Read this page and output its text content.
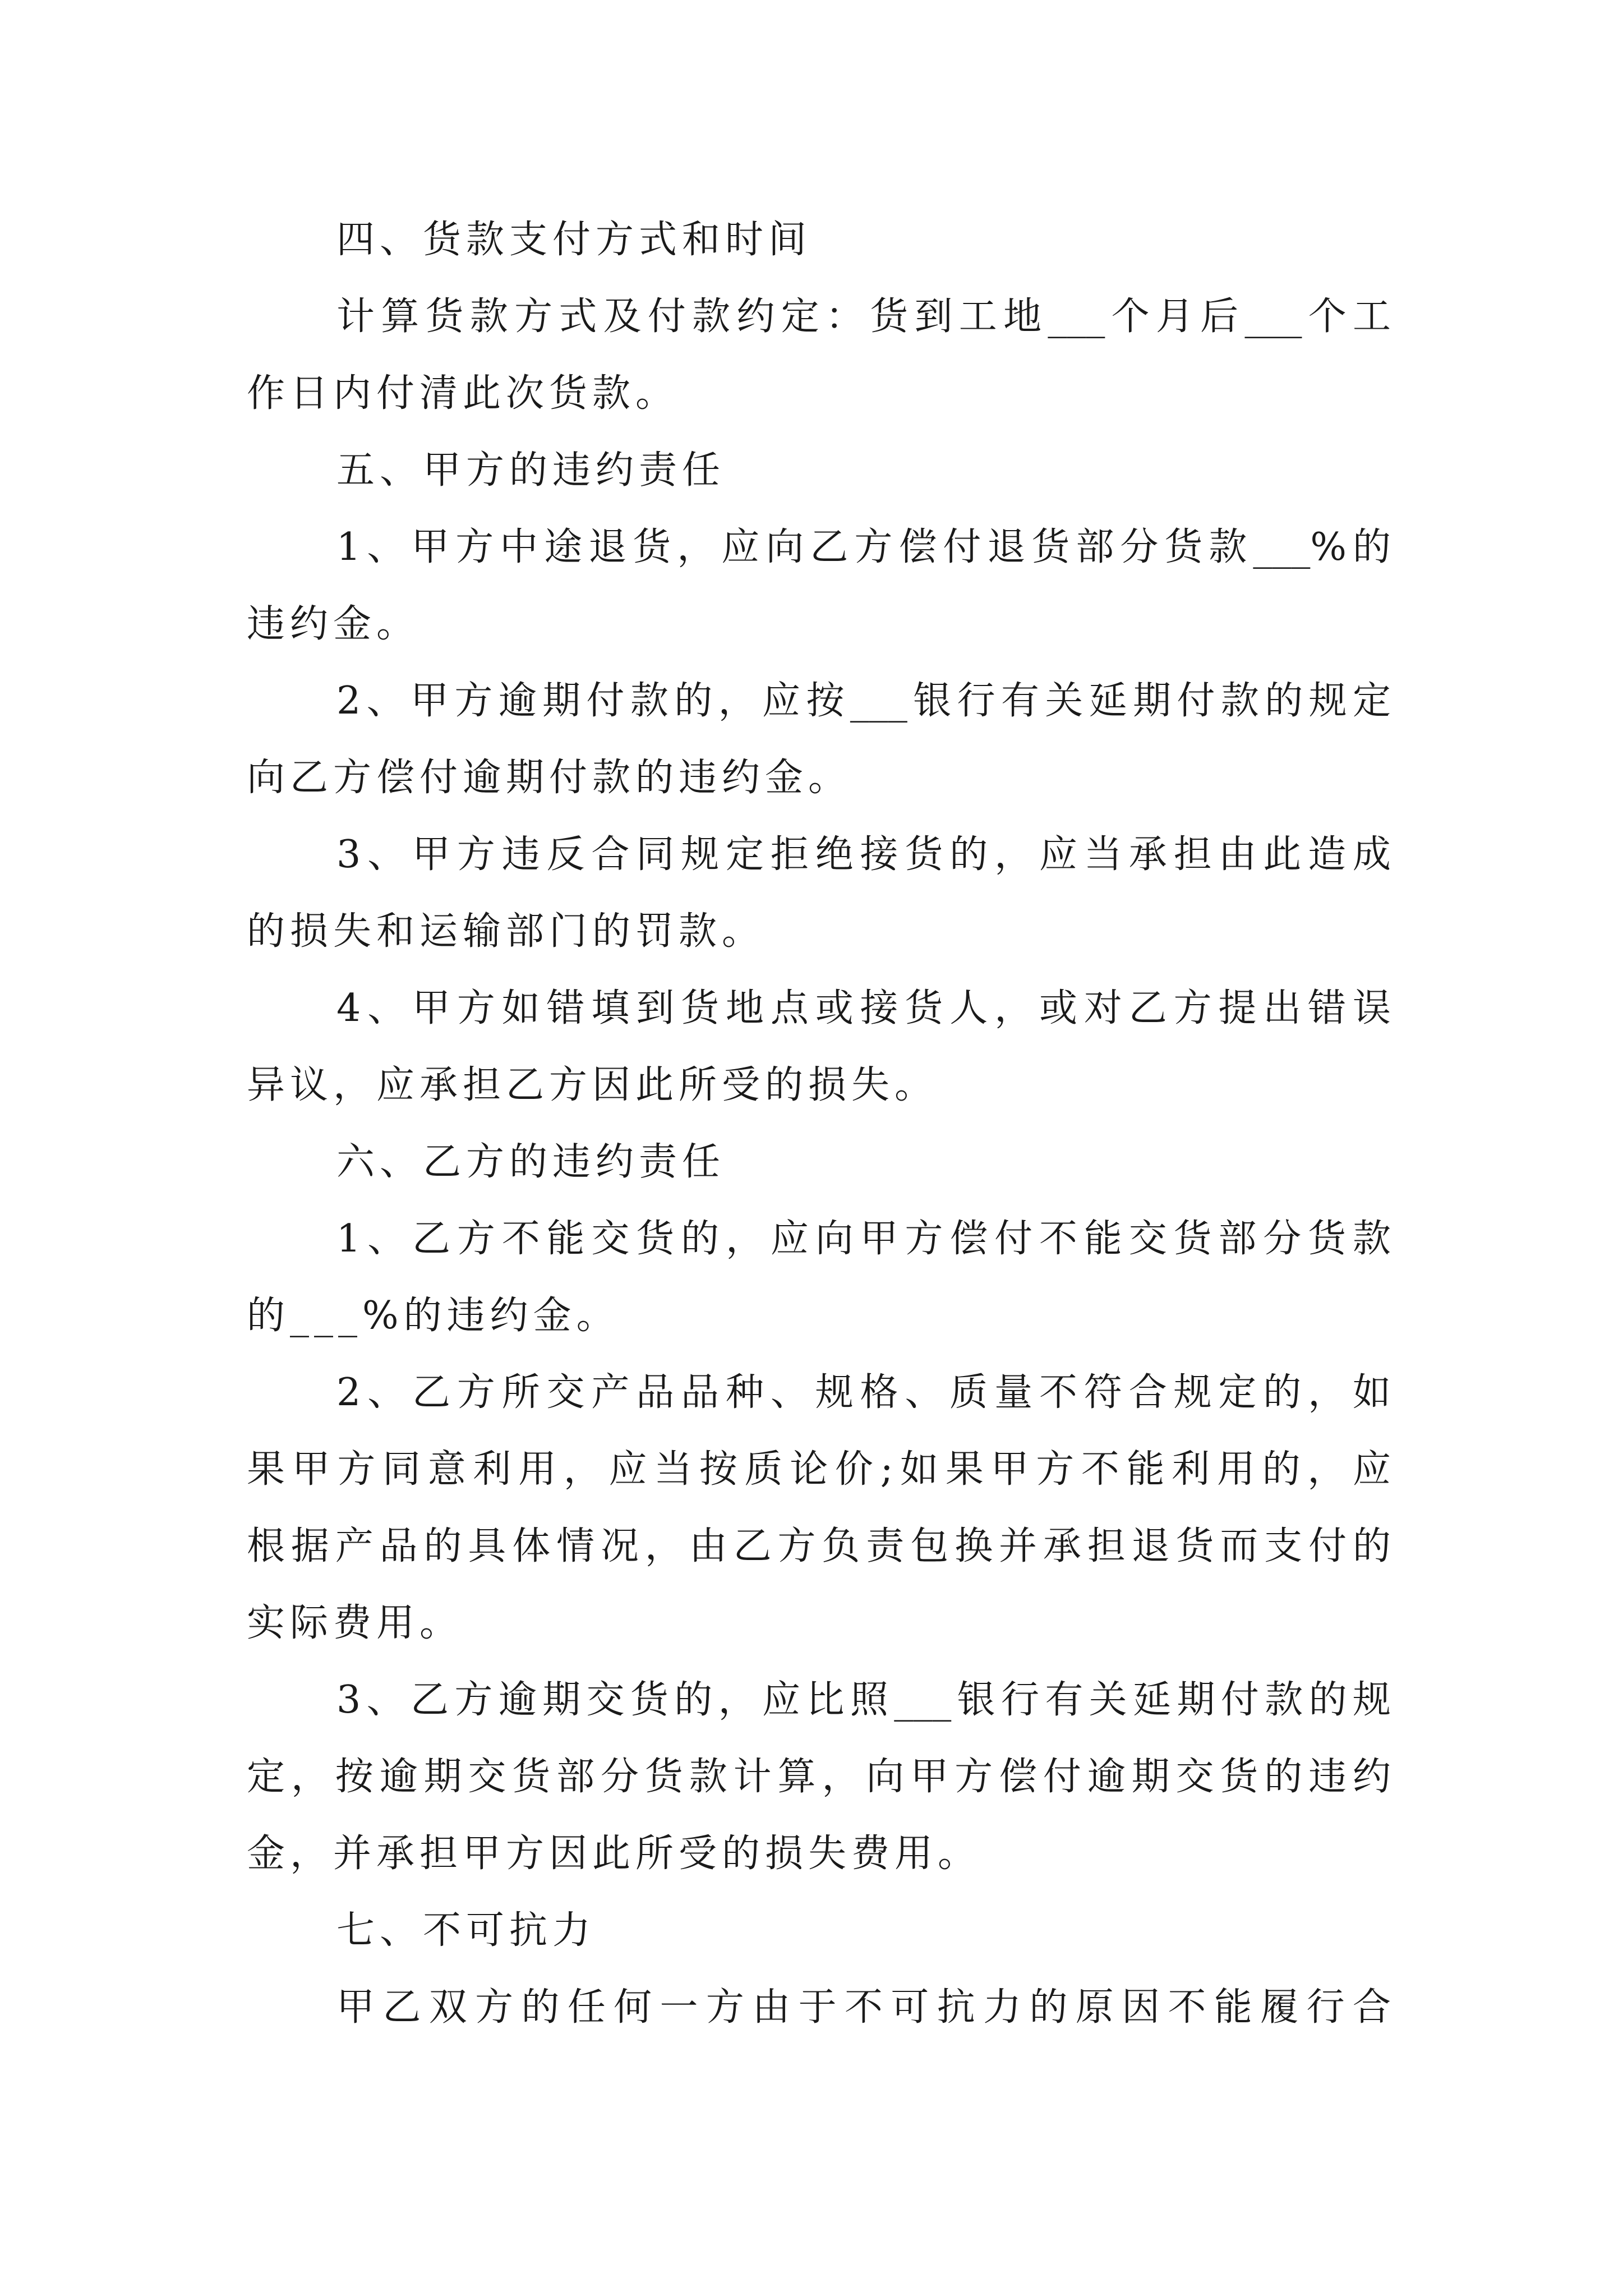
四、货款支付方式和时间
计算货款方式及付款约定：货到工地___个月后___个工
作日内付清此次货款。
五、甲方的违约责任
1、甲方中途退货，应向乙方偿付退货部分货款___%的
违约金。
2、甲方逾期付款的，应按___银行有关延期付款的规定
向乙方偿付逾期付款的违约金。
3、甲方违反合同规定拒绝接货的，应当承担由此造成
的损失和运输部门的罚款。
4、甲方如错填到货地点或接货人，或对乙方提出错误
异议，应承担乙方因此所受的损失。
六、乙方的违约责任
1、乙方不能交货的，应向甲方偿付不能交货部分货款
的___%的违约金。
2、乙方所交产品品种、规格、质量不符合规定的，如
果甲方同意利用，应当按质论价;如果甲方不能利用的，应
根据产品的具体情况，由乙方负责包换并承担退货而支付的
实际费用。
3、乙方逾期交货的，应比照___银行有关延期付款的规
定，按逾期交货部分货款计算，向甲方偿付逾期交货的违约
金，并承担甲方因此所受的损失费用。
七、不可抗力
甲乙双方的任何一方由于不可抗力的原因不能履行合
